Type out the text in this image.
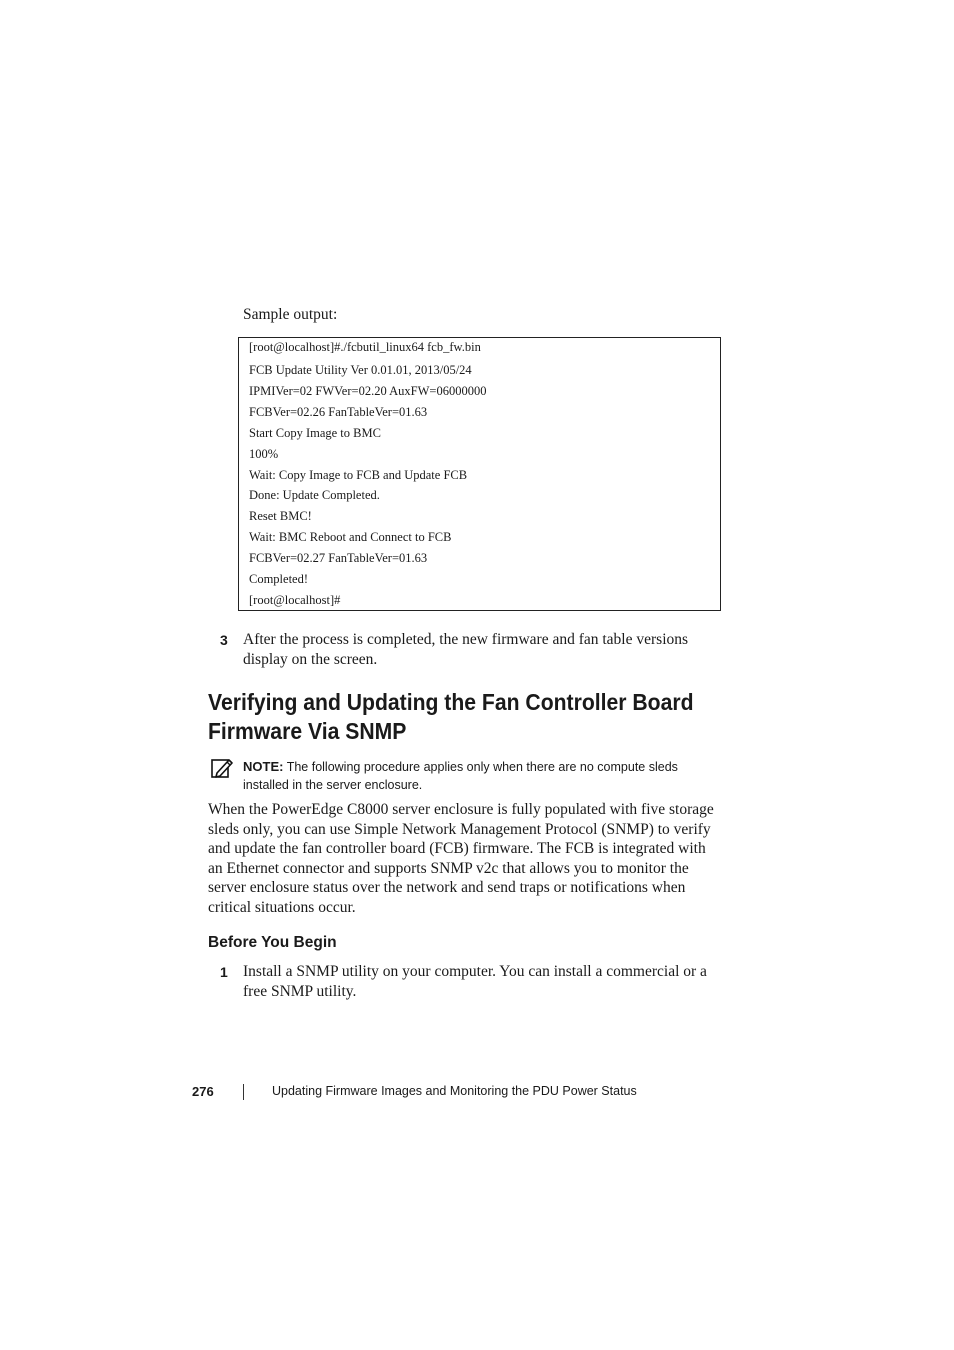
Sample output:
[root@localhost]#./fcbutil_linux64 fcb_fw.bin
FCB Update Utility Ver 0.01.01, 2013/05/24
IPMIVer=02 FWVer=02.20 AuxFW=06000000
FCBVer=02.26 FanTableVer=01.63
Start Copy Image to BMC
100%
Wait: Copy Image to FCB and Update FCB
Done: Update Completed.
Reset BMC!
Wait: BMC Reboot and Connect to FCB
FCBVer=02.27 FanTableVer=01.63
Completed!
[root@localhost]#
3 After the process is completed, the new firmware and fan table versions display on the screen.
Verifying and Updating the Fan Controller Board Firmware Via SNMP
NOTE: The following procedure applies only when there are no compute sleds installed in the server enclosure.
When the PowerEdge C8000 server enclosure is fully populated with five storage sleds only, you can use Simple Network Management Protocol (SNMP) to verify and update the fan controller board (FCB) firmware. The FCB is integrated with an Ethernet connector and supports SNMP v2c that allows you to monitor the server enclosure status over the network and send traps or notifications when critical situations occur.
Before You Begin
1 Install a SNMP utility on your computer. You can install a commercial or a free SNMP utility.
276	Updating Firmware Images and Monitoring the PDU Power Status
